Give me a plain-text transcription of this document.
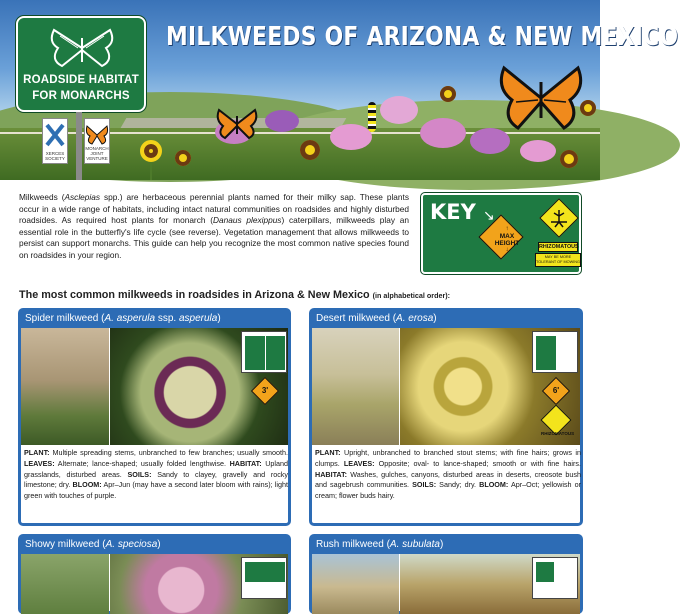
MILKWEEDS OF ARIZONA & NEW MEXICO
ROADSIDE HABITAT
FOR MONARCHS
XERCES SOCIETY
MONARCH JOINT VENTURE
Milkweeds (Asclepias spp.) are herbaceous perennial plants named for their milky sap. These plants occur in a wide range of habitats, including intact natural communities on roadsides and highly disturbed roadsides. As required host plants for monarch (Danaus plexippus) caterpillars, milkweeds play an essential role in the butterfly's life cycle (see reverse). Vegetation management that allows milkweeds to persist can support monarchs. This guide can help you recognize the most common native species found on roadsides in your region.
KEY ↘
↑
MAX
HEIGHT
↓	RHIZOMATOUS
MAY BE MORE TOLERANT OF MOWING
The most common milkweeds in roadsides in Arizona & New Mexico (in alphabetical order):
Spider milkweed (A. asperula ssp. asperula)
3'
PLANT: Multiple spreading stems, unbranched to few branches; usually smooth. LEAVES: Alternate; lance-shaped; usually folded lengthwise. HABITAT: Upland grasslands, disturbed areas. SOILS: Sandy to clayey, gravelly and rocky limestone; dry. BLOOM: Apr–Jun (may have a second later bloom with rains); light green with touches of purple.
Desert milkweed (A. erosa)
6'
RHIZOMATOUS
PLANT: Upright, unbranched to branched stout stems; with fine hairs; grows in clumps. LEAVES: Opposite; oval- to lance-shaped; smooth or with fine hairs. HABITAT: Washes, gulches, canyons, disturbed areas in deserts, creosote bush and sagebrush communities. SOILS: Sandy; dry. BLOOM: Apr–Oct; yellowish or cream; flower buds hairy.
Showy milkweed (A. speciosa)	Rush milkweed (A. subulata)
